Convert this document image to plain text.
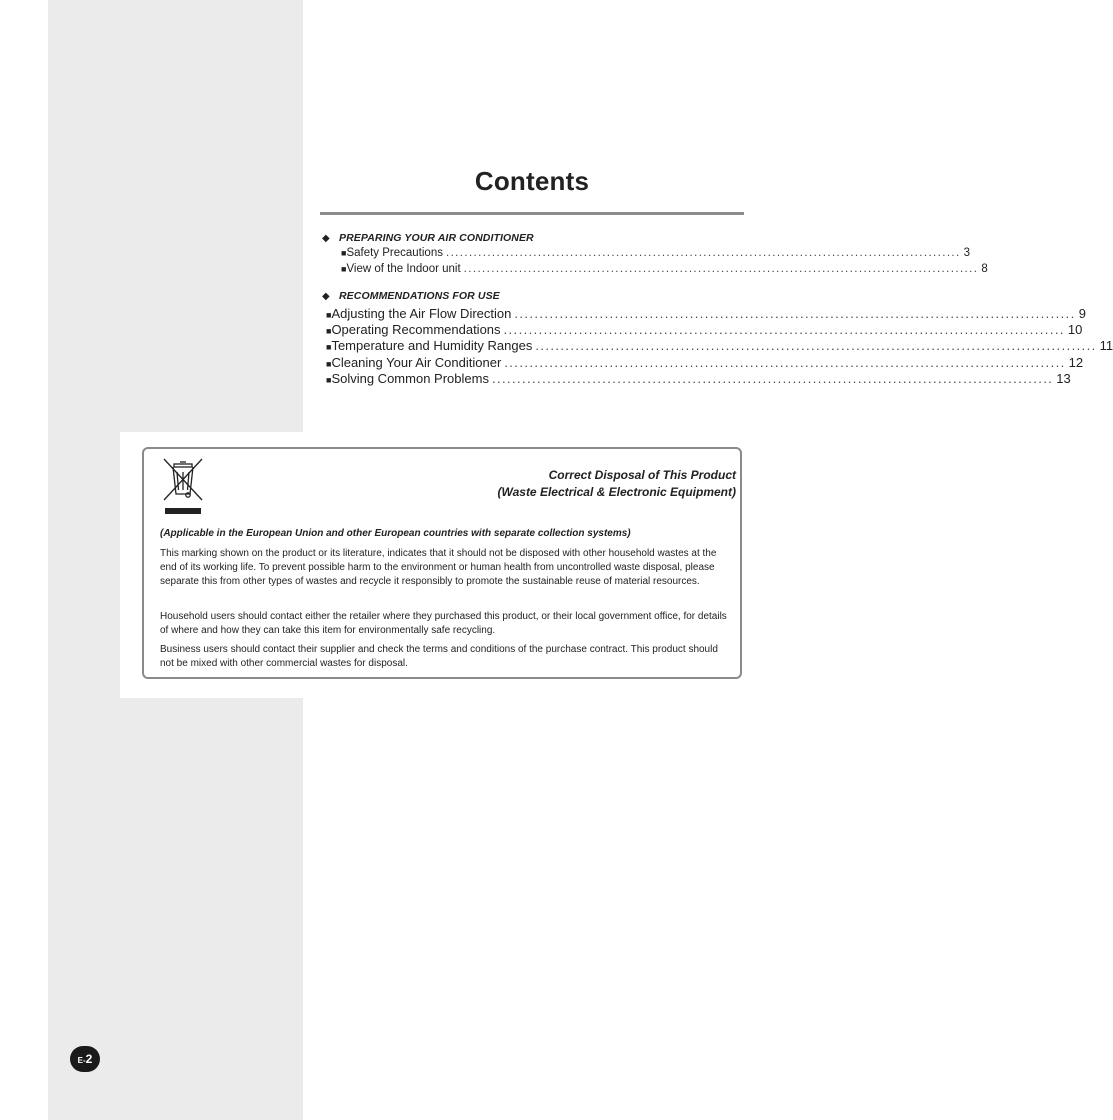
Contents
◆ PREPARING YOUR AIR CONDITIONER
■ Safety Precautions ................................................................................................................ 3
■ View of the Indoor unit ................................................................................................................ 8
◆ RECOMMENDATIONS FOR USE
■ Adjusting the Air Flow Direction ................................................................................................................ 9
■ Operating Recommendations ................................................................................................................ 10
■ Temperature and Humidity Ranges ................................................................................................................ 11
■ Cleaning Your Air Conditioner ................................................................................................................ 12
■ Solving Common Problems ................................................................................................................ 13
Correct Disposal of This Product
(Waste Electrical & Electronic Equipment)
(Applicable in the European Union and other European countries with separate collection systems)

This marking shown on the product or its literature, indicates that it should not be disposed with other household wastes at the end of its working life. To prevent possible harm to the environment or human health from uncontrolled waste disposal, please separate this from other types of wastes and recycle it responsibly to promote the sustainable reuse of material resources.

Household users should contact either the retailer where they purchased this product, or their local government office, for details of where and how they can take this item for environmentally safe recycling.

Business users should contact their supplier and check the terms and conditions of the purchase contract. This product should not be mixed with other commercial wastes for disposal.

E-2
